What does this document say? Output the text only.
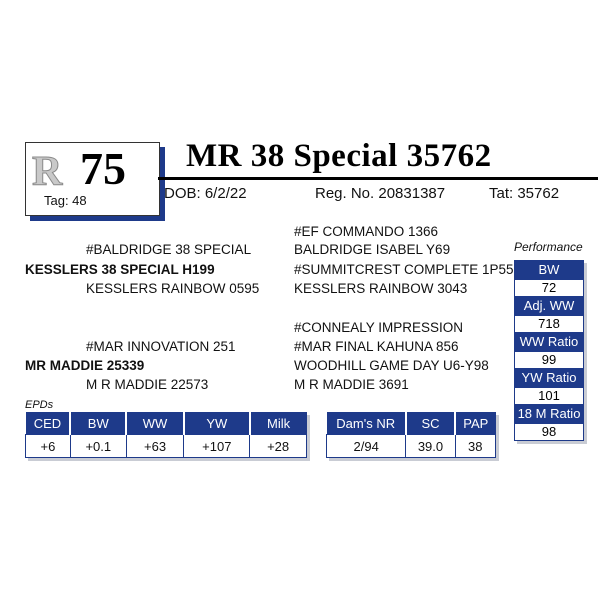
R 75
Tag: 48
MR 38 Special 35762
DOB: 6/2/22	Reg. No. 20831387	Tat: 35762
#BALDRIDGE 38 SPECIAL
KESSLERS 38 SPECIAL H199
KESSLERS RAINBOW 0595
#EF COMMANDO 1366
BALDRIDGE ISABEL Y69
#SUMMITCREST COMPLETE 1P55
KESSLERS RAINBOW 3043
#MAR INNOVATION 251
MR MADDIE 25339
M R MADDIE 22573
#CONNEALY IMPRESSION
#MAR FINAL KAHUNA 856
WOODHILL GAME DAY U6-Y98
M R MADDIE 3691
Performance
BW
72
Adj. WW
718
WW Ratio
99
YW Ratio
101
18 M Ratio
98
EPDs
CED	BW	WW	YW	Milk
+6	+0.1	+63	+107	+28
Dam's NR	SC	PAP
2/94	39.0	38
